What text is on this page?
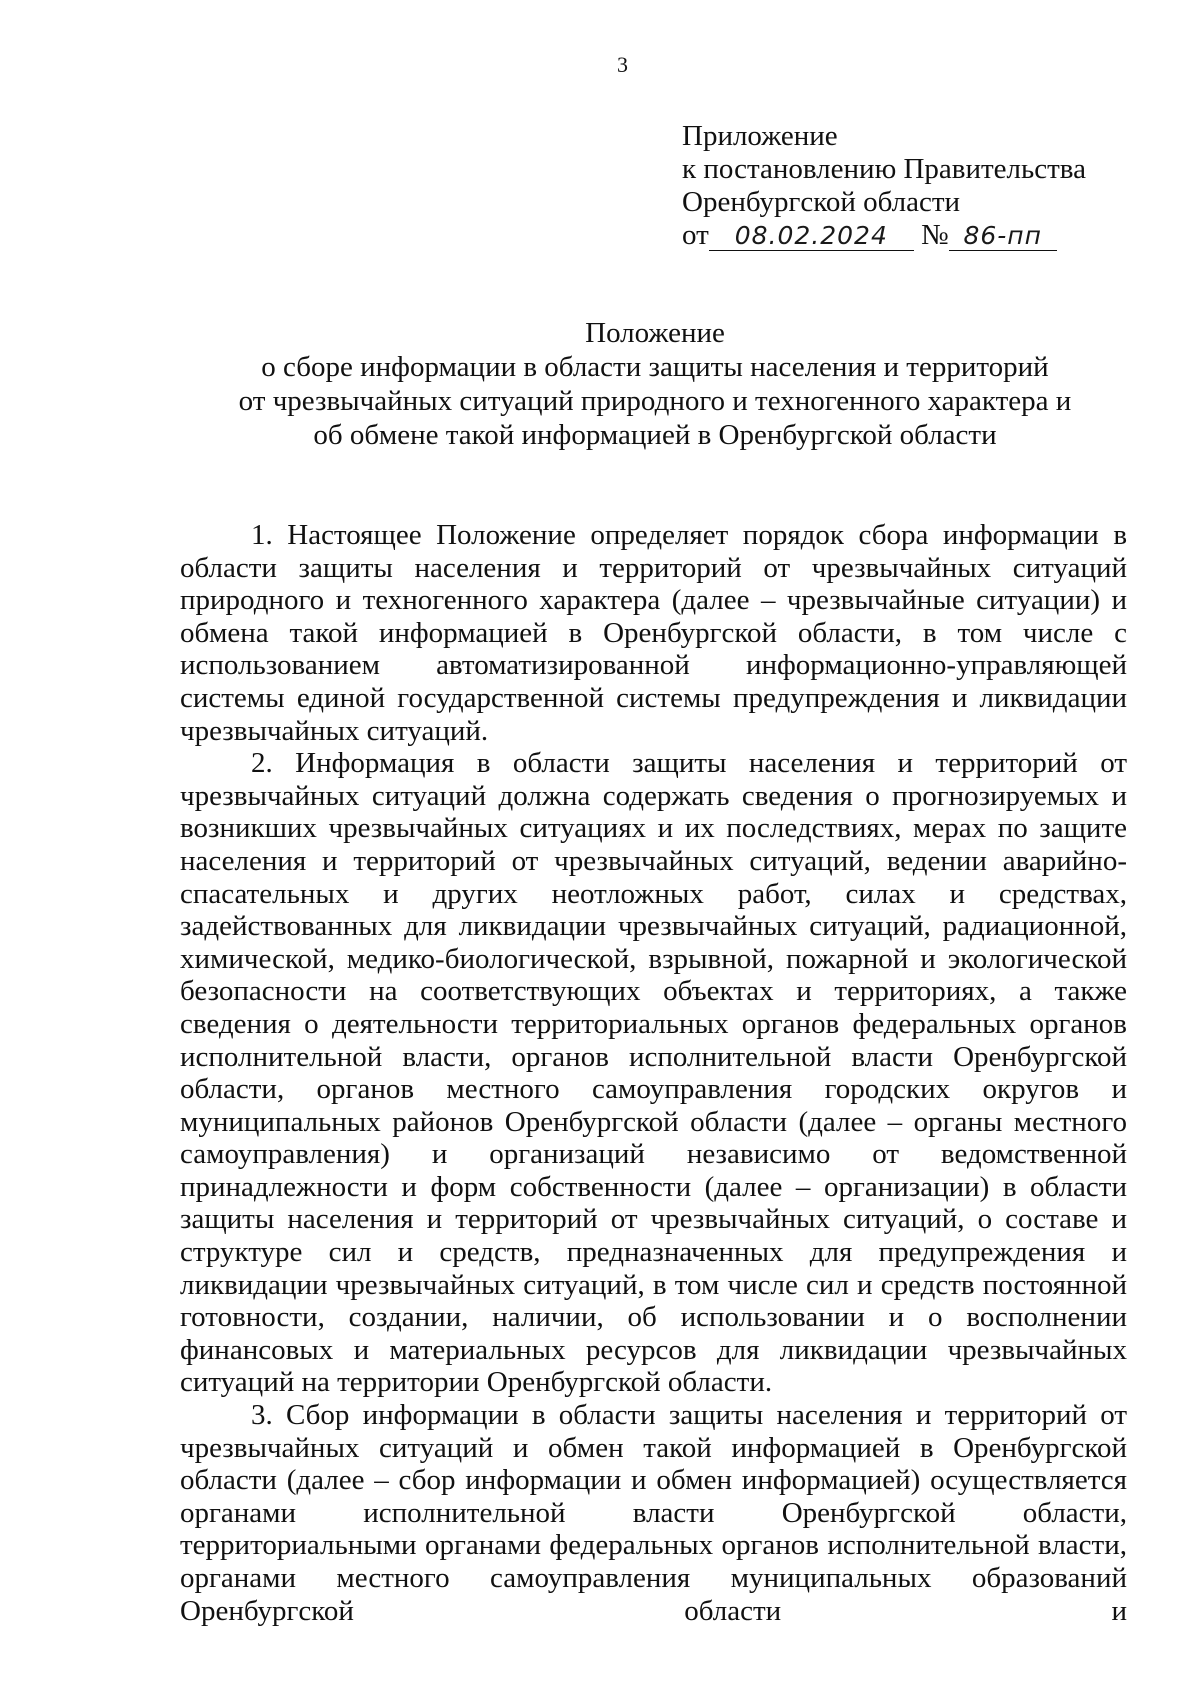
3
Приложение
к постановлению Правительства
Оренбургской области
от 08.02.2024 № 86-пп
Положение
о сборе информации в области защиты населения и территорий
от чрезвычайных ситуаций природного и техногенного характера и
об обмене такой информацией в Оренбургской области

1. Настоящее Положение определяет порядок сбора информации в области защиты населения и территорий от чрезвычайных ситуаций природного и техногенного характера (далее – чрезвычайные ситуации) и обмена такой информацией в Оренбургской области, в том числе с использованием автоматизированной информационно-управляющей системы единой государственной системы предупреждения и ликвидации чрезвычайных ситуаций.

2. Информация в области защиты населения и территорий от чрезвычайных ситуаций должна содержать сведения о прогнозируемых и возникших чрезвычайных ситуациях и их последствиях, мерах по защите населения и территорий от чрезвычайных ситуаций, ведении аварийно-спасательных и других неотложных работ, силах и средствах, задействованных для ликвидации чрезвычайных ситуаций, радиационной, химической, медико-биологической, взрывной, пожарной и экологической безопасности на соответствующих объектах и территориях, а также сведения о деятельности территориальных органов федеральных органов исполнительной власти, органов исполнительной власти Оренбургской области, органов местного самоуправления городских округов и муниципальных районов Оренбургской области (далее – органы местного самоуправления) и организаций независимо от ведомственной принадлежности и форм собственности (далее – организации) в области защиты населения и территорий от чрезвычайных ситуаций, о составе и структуре сил и средств, предназначенных для предупреждения и ликвидации чрезвычайных ситуаций, в том числе сил и средств постоянной готовности, создании, наличии, об использовании и о восполнении финансовых и материальных ресурсов для ликвидации чрезвычайных ситуаций на территории Оренбургской области.

3. Сбор информации в области защиты населения и территорий от чрезвычайных ситуаций и обмен такой информацией в Оренбургской области (далее – сбор информации и обмен информацией) осуществляется органами исполнительной власти Оренбургской области, территориальными органами федеральных органов исполнительной власти, органами местного самоуправления муниципальных образований Оренбургской области и
